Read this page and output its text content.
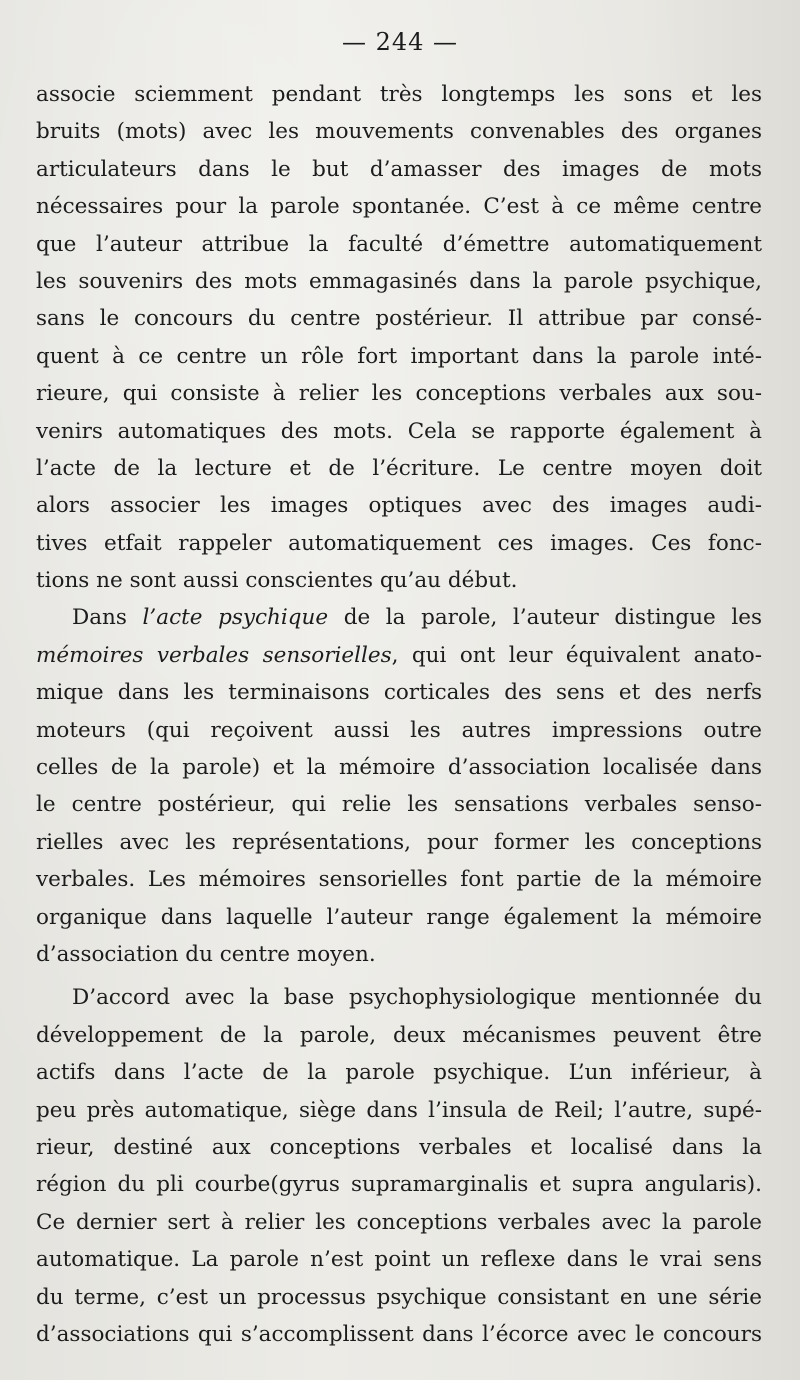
— 244 —
associe sciemment pendant très longtemps les sons et les
bruits (mots) avec les mouvements convenables des organes
articulateurs dans le but d’amasser des images de mots
nécessaires pour la parole spontanée. C’est à ce même centre
que l’auteur attribue la faculté d’émettre automatiquement
les souvenirs des mots emmagasinés dans la parole psychique,
sans le concours du centre postérieur. Il attribue par consé-
quent à ce centre un rôle fort important dans la parole inté-
rieure, qui consiste à relier les conceptions verbales aux sou-
venirs automatiques des mots. Cela se rapporte également à
l’acte de la lecture et de l’écriture. Le centre moyen doit
alors associer les images optiques avec des images audi-
tives etfait rappeler automatiquement ces images. Ces fonc-
tions ne sont aussi conscientes qu’au début.
Dans l’acte psychique de la parole, l’auteur distingue les
mémoires verbales sensorielles, qui ont leur équivalent anato-
mique dans les terminaisons corticales des sens et des nerfs
moteurs (qui reçoivent aussi les autres impressions outre
celles de la parole) et la mémoire d’association localisée dans
le centre postérieur, qui relie les sensations verbales senso-
rielles avec les représentations, pour former les conceptions
verbales. Les mémoires sensorielles font partie de la mémoire
organique dans laquelle l’auteur range également la mémoire
d’association du centre moyen.
D’accord avec la base psychophysiologique mentionnée du
développement de la parole, deux mécanismes peuvent être
actifs dans l’acte de la parole psychique. L’un inférieur, à
peu près automatique, siège dans l’insula de Reil; l’autre, supé-
rieur, destiné aux conceptions verbales et localisé dans la
région du pli courbe(gyrus supramarginalis et supra angularis).
Ce dernier sert à relier les conceptions verbales avec la parole
automatique. La parole n’est point un reflexe dans le vrai sens
du terme, c’est un processus psychique consistant en une série
d’associations qui s’accomplissent dans l’écorce avec le concours
